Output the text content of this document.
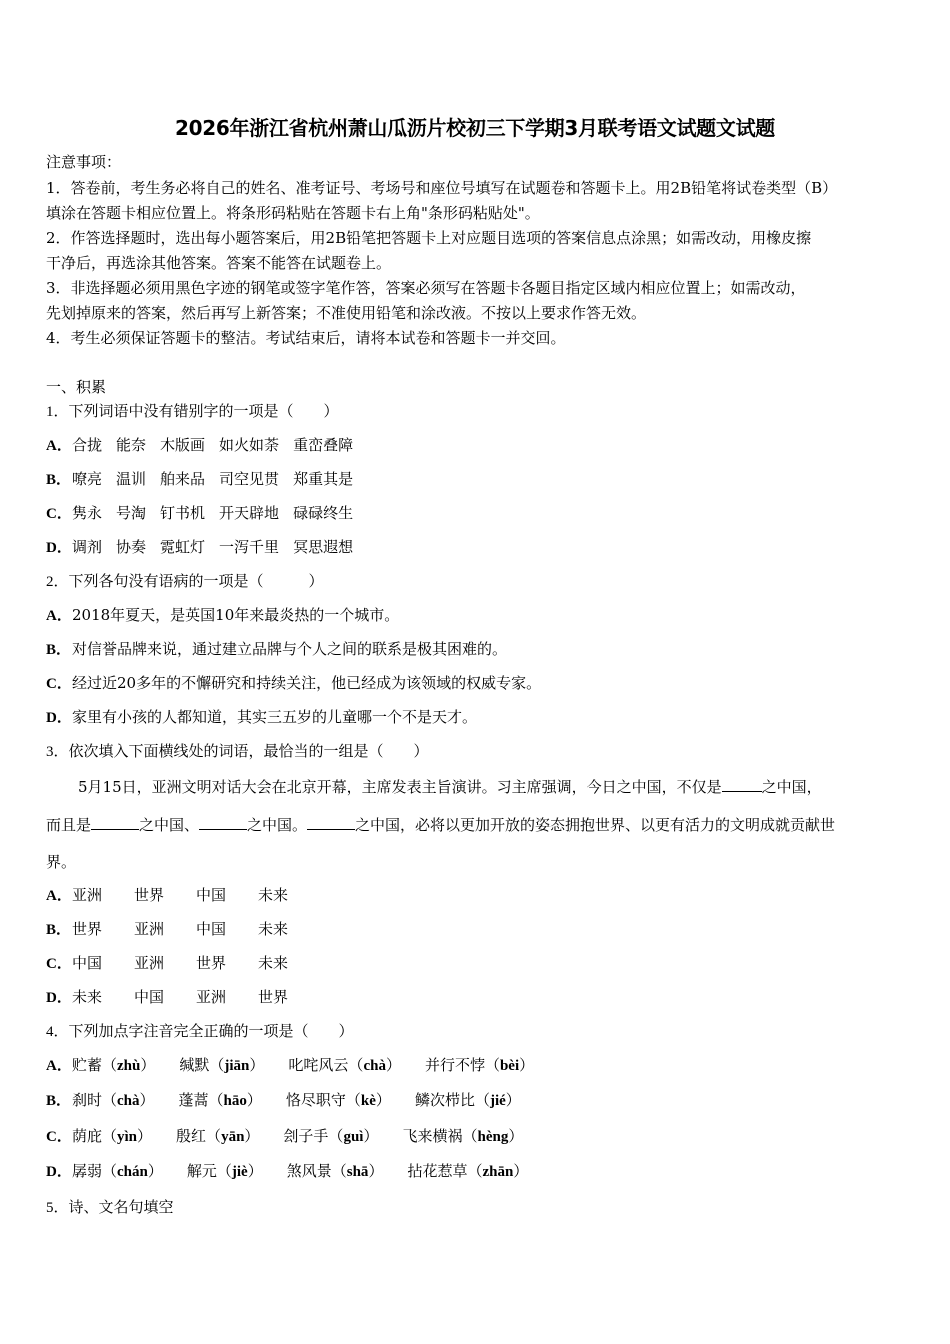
2026年浙江省杭州萧山瓜沥片校初三下学期3月联考语文试题文试题
注意事项：
1．答卷前，考生务必将自己的姓名、准考证号、考场号和座位号填写在试题卷和答题卡上。用2B铅笔将试卷类型（B）
填涂在答题卡相应位置上。将条形码粘贴在答题卡右上角"条形码粘贴处"。
2．作答选择题时，选出每小题答案后，用2B铅笔把答题卡上对应题目选项的答案信息点涂黑；如需改动，用橡皮擦
干净后，再选涂其他答案。答案不能答在试题卷上。
3．非选择题必须用黑色字迹的钢笔或签字笔作答，答案必须写在答题卡各题目指定区域内相应位置上；如需改动，
先划掉原来的答案，然后再写上新答案；不准使用铅笔和涂改液。不按以上要求作答无效。
4．考生必须保证答题卡的整洁。考试结束后，请将本试卷和答题卡一并交回。
一、积累
1．下列词语中没有错别字的一项是（　　）
A．合拢 能奈 木版画 如火如荼 重峦叠障
B．嘹亮 温训 舶来品 司空见贯 郑重其是
C．隽永 号淘 钉书机 开天辟地 碌碌终生
D．调剂 协奏 霓虹灯 一泻千里 冥思遐想
2．下列各句没有语病的一项是（　　　）
A．2018年夏天，是英国10年来最炎热的一个城市。
B．对信誉品牌来说，通过建立品牌与个人之间的联系是极其困难的。
C．经过近20多年的不懈研究和持续关注，他已经成为该领域的权威专家。
D．家里有小孩的人都知道，其实三五岁的儿童哪一个不是天才。
3．依次填入下面横线处的词语，最恰当的一组是（　　）
5月15日，亚洲文明对话大会在北京开幕，主席发表主旨演讲。习主席强调，今日之中国，不仅是	之中国，
而且是	之中国、	之中国。	之中国，必将以更加开放的姿态拥抱世界、以更有活力的文明成就贡献世
界。
A．亚洲 世界 中国 未来
B．世界 亚洲 中国 未来
C．中国 亚洲 世界 未来
D．未来 中国 亚洲 世界
4．下列加点字注音完全正确的一项是（　　）
A．贮蓄（zhù） 缄默（jiān） 叱咤风云（chà） 并行不悖（bèi）
B．刹时（chà） 蓬蒿（hāo） 恪尽职守（kè） 鳞次栉比（jié）
C．荫庇（yìn） 殷红（yān） 刽子手（guì） 飞来横祸（hèng）
D．孱弱（chán） 解元（jiè） 煞风景（shā） 拈花惹草（zhān）
5．诗、文名句填空
